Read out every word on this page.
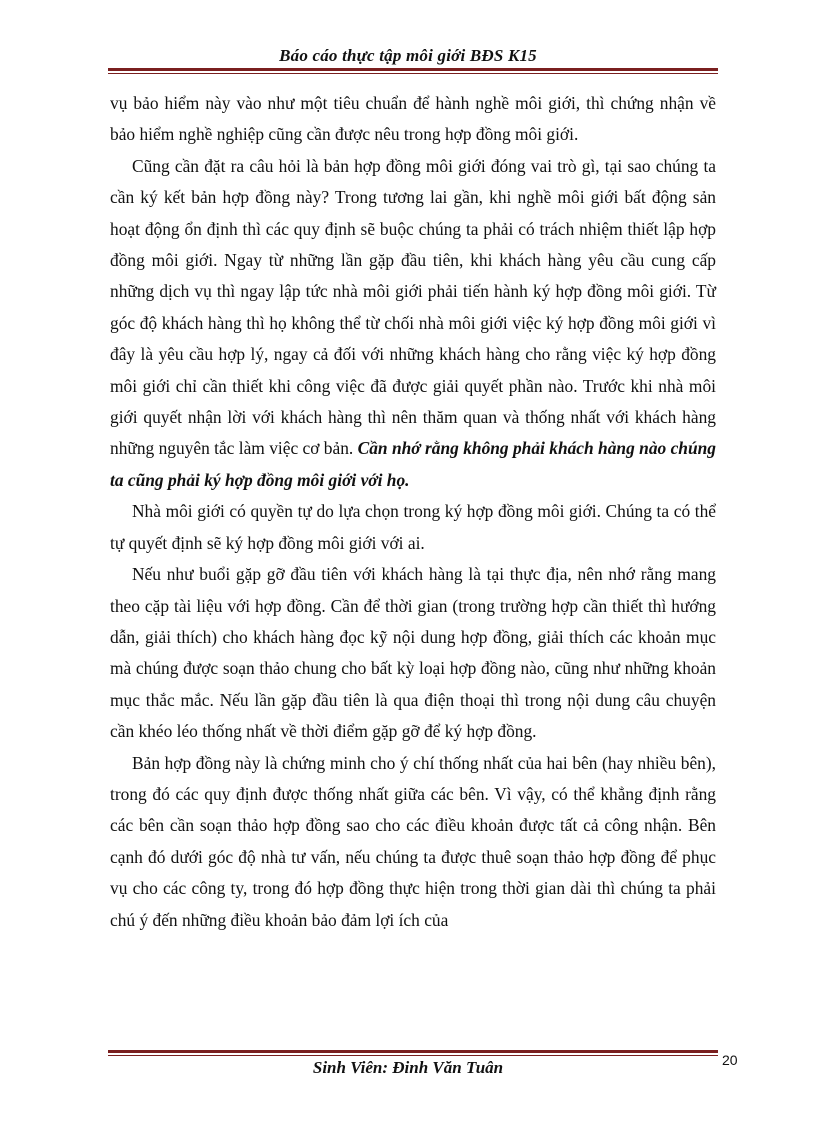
Báo cáo thực tập môi giới BĐS K15

vụ bảo hiểm này vào như một tiêu chuẩn để hành nghề môi giới, thì chứng nhận về bảo hiểm nghề nghiệp cũng cần được nêu trong hợp đồng môi giới.

Cũng cần đặt ra câu hỏi là bản hợp đồng môi giới đóng vai trò gì, tại sao chúng ta cần ký kết bản hợp đồng này? Trong tương lai gần, khi nghề môi giới bất động sản hoạt động ổn định thì các quy định sẽ buộc chúng ta phải có trách nhiệm thiết lập hợp đồng môi giới. Ngay từ những lần gặp đầu tiên, khi khách hàng yêu cầu cung cấp những dịch vụ thì ngay lập tức nhà môi giới phải tiến hành ký hợp đồng môi giới. Từ góc độ khách hàng thì họ không thể từ chối nhà môi giới việc ký hợp đồng môi giới vì đây là yêu cầu hợp lý, ngay cả đối với những khách hàng cho rằng việc ký hợp đồng môi giới chỉ cần thiết khi công việc đã được giải quyết phần nào. Trước khi nhà môi giới quyết nhận lời với khách hàng thì nên thăm quan và thống nhất với khách hàng những nguyên tắc làm việc cơ bản. Cần nhớ rằng không phải khách hàng nào chúng ta cũng phải ký hợp đồng môi giới với họ.

Nhà môi giới có quyền tự do lựa chọn trong ký hợp đồng môi giới. Chúng ta có thể tự quyết định sẽ ký hợp đồng môi giới với ai.

Nếu như buổi gặp gỡ đầu tiên với khách hàng là tại thực địa, nên nhớ rằng mang theo cặp tài liệu với hợp đồng. Cần để thời gian (trong trường hợp cần thiết thì hướng dẫn, giải thích) cho khách hàng đọc kỹ nội dung hợp đồng, giải thích các khoản mục mà chúng được soạn thảo chung cho bất kỳ loại hợp đồng nào, cũng như những khoản mục thắc mắc. Nếu lần gặp đầu tiên là qua điện thoại thì trong nội dung câu chuyện cần khéo léo thống nhất về thời điểm gặp gỡ để ký hợp đồng.

Bản hợp đồng này là chứng minh cho ý chí thống nhất của hai bên (hay nhiều bên), trong đó các quy định được thống nhất giữa các bên. Vì vậy, có thể khẳng định rằng các bên cần soạn thảo hợp đồng sao cho các điều khoản được tất cả công nhận. Bên cạnh đó dưới góc độ nhà tư vấn, nếu chúng ta được thuê soạn thảo hợp đồng để phục vụ cho các công ty, trong đó hợp đồng thực hiện trong thời gian dài thì chúng ta phải chú ý đến những điều khoản bảo đảm lợi ích của

20
Sinh Viên: Đinh Văn Tuân
